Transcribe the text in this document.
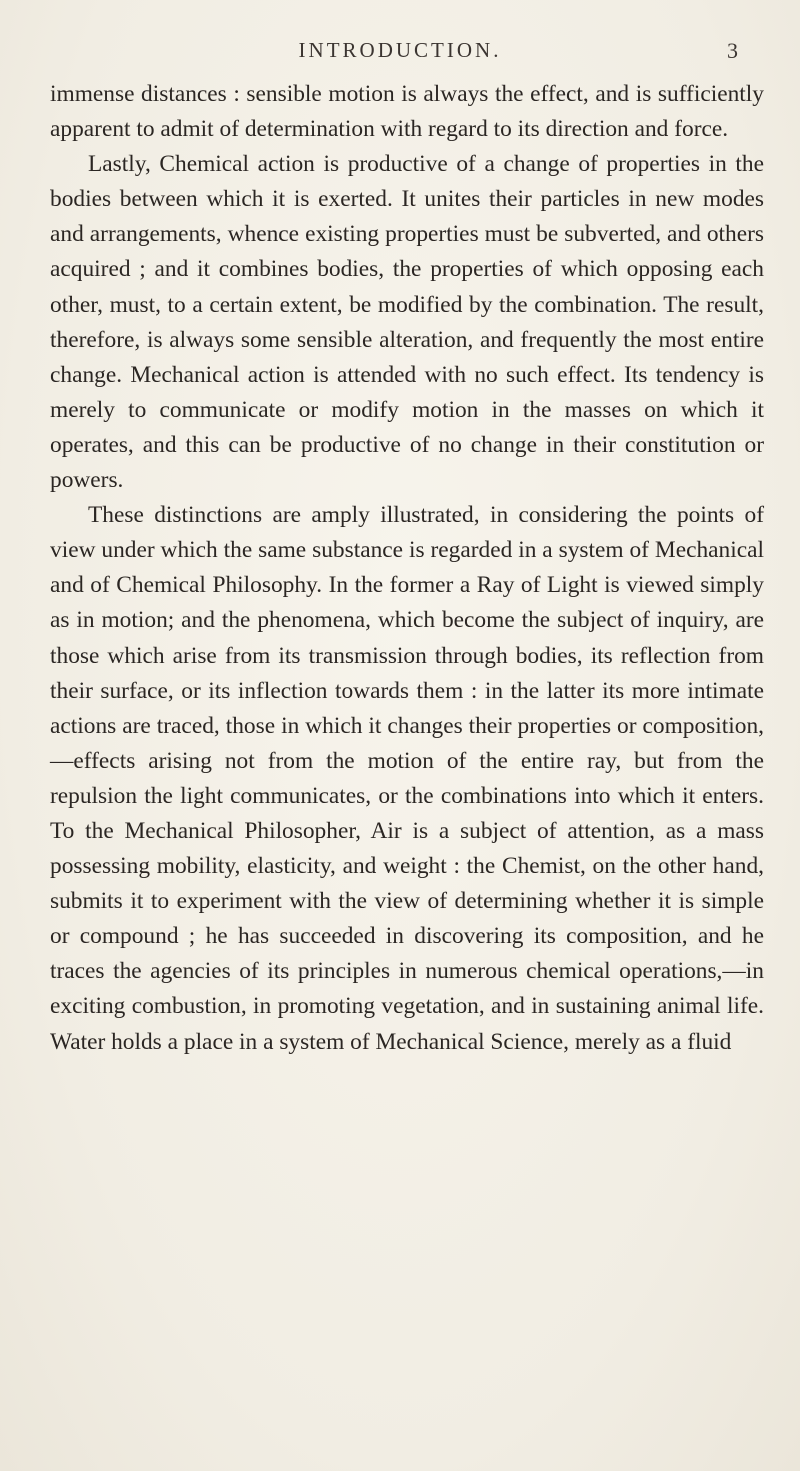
INTRODUCTION.	3

immense distances : sensible motion is always the effect, and is sufficiently apparent to admit of determination with regard to its direction and force.

Lastly, Chemical action is productive of a change of properties in the bodies between which it is exerted. It unites their particles in new modes and arrangements, whence existing properties must be subverted, and others acquired ; and it combines bodies, the properties of which opposing each other, must, to a certain extent, be modified by the combination. The result, therefore, is always some sensible alteration, and frequently the most entire change. Mechanical action is attended with no such effect. Its tendency is merely to communicate or modify motion in the masses on which it operates, and this can be productive of no change in their constitution or powers.

These distinctions are amply illustrated, in considering the points of view under which the same substance is regarded in a system of Mechanical and of Chemical Philosophy. In the former a Ray of Light is viewed simply as in motion; and the phenomena, which become the subject of inquiry, are those which arise from its transmission through bodies, its reflection from their surface, or its inflection towards them : in the latter its more intimate actions are traced, those in which it changes their properties or composition,—effects arising not from the motion of the entire ray, but from the repulsion the light communicates, or the combinations into which it enters. To the Mechanical Philosopher, Air is a subject of attention, as a mass possessing mobility, elasticity, and weight : the Chemist, on the other hand, submits it to experiment with the view of determining whether it is simple or compound ; he has succeeded in discovering its composition, and he traces the agencies of its principles in numerous chemical operations,—in exciting combustion, in promoting vegetation, and in sustaining animal life. Water holds a place in a system of Mechanical Science, merely as a fluid
